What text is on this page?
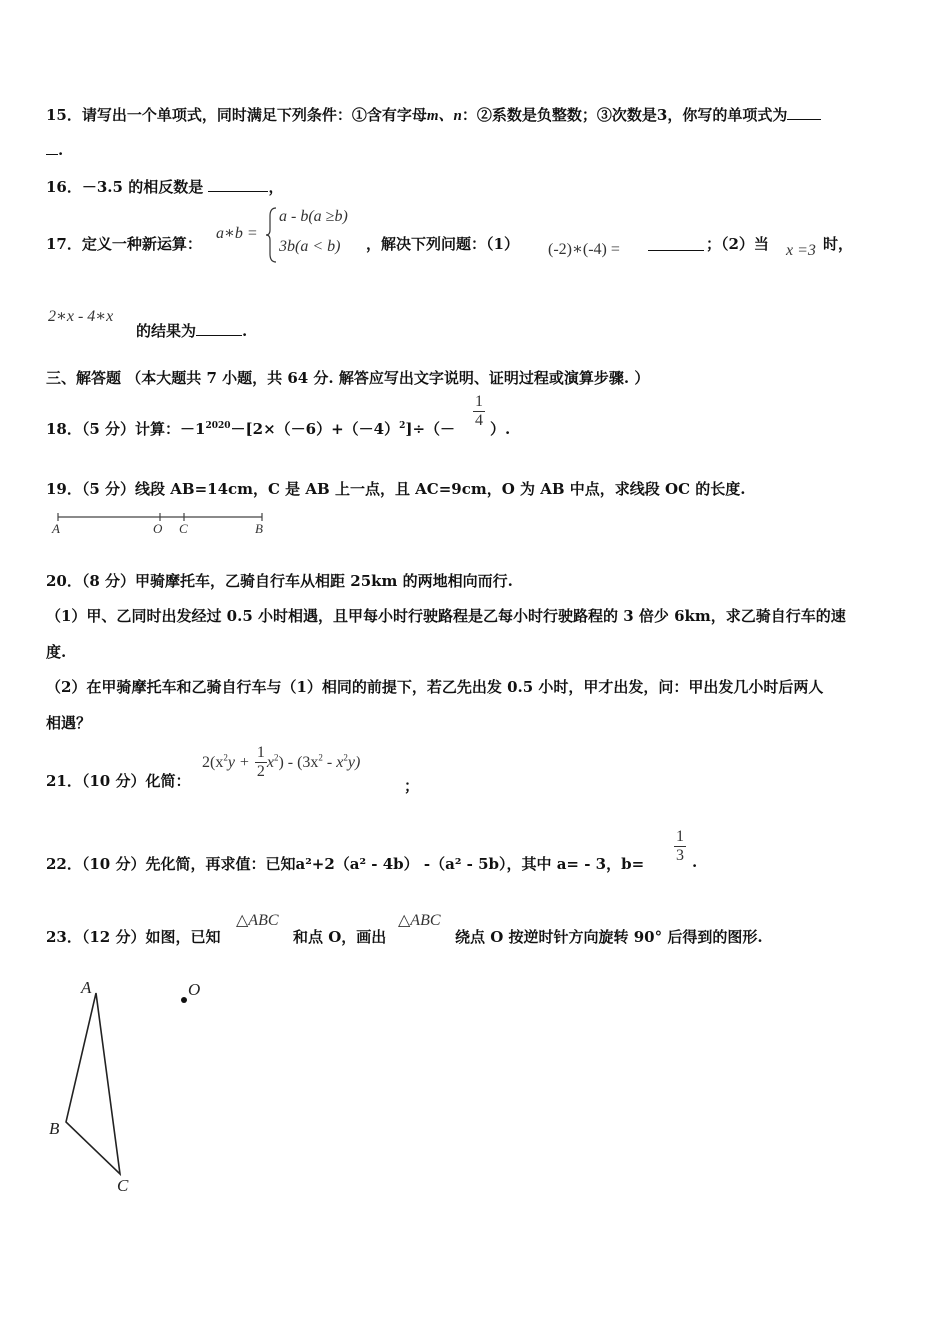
15．请写出一个单项式，同时满足下列条件：①含有字母m、n：②系数是负整数；③次数是3，你写的单项式为
.
16．－3.5 的相反数是	，
17．定义一种新运算：
a∗b =
a - b(a ≥b)
3b(a < b) ，解决下列问题：（1） (-2)∗(-4) =	；（2）当 x =3 时，
2∗x - 4∗x
的结果为	.
三、解答题 （本大题共 7 小题，共 64 分. 解答应写出文字说明、证明过程或演算步骤. ）
18．（5 分）计算：$-1^{2020}-[2\times(-6)+(-4)^2]\div(- \frac{1}{4}$ ）.
19．（5 分）线段 AB=14cm，C 是 AB 上一点，且 AC=9cm，O 为 AB 中点，求线段 OC 的长度.
A	O C	B
20．（8 分）甲骑摩托车，乙骑自行车从相距 25km 的两地相向而行.
（1）甲、乙同时出发经过 0.5 小时相遇，且甲每小时行驶路程是乙每小时行驶路程的 3 倍少 6km，求乙骑自行车的速
度.
（2）在甲骑摩托车和乙骑自行车与（1）相同的前提下，若乙先出发 0.5 小时，甲才出发，问：甲出发几小时后两人
相遇？
21．（10 分）化简：
$2(x^2y + \frac{1}{2} x^2) - (3x^2 - x^2y)$
；
22．（10 分）先化简，再求值：已知a²+2（a² - 4b） -（a² - 5b），其中 a= - 3，$b= \frac{1}{3}$ .
23．（12 分）如图，已知
△ABC
和点 O，画出
△ABC
绕点 O 按逆时针方向旋转 90° 后得到的图形.
A
B
C
O
